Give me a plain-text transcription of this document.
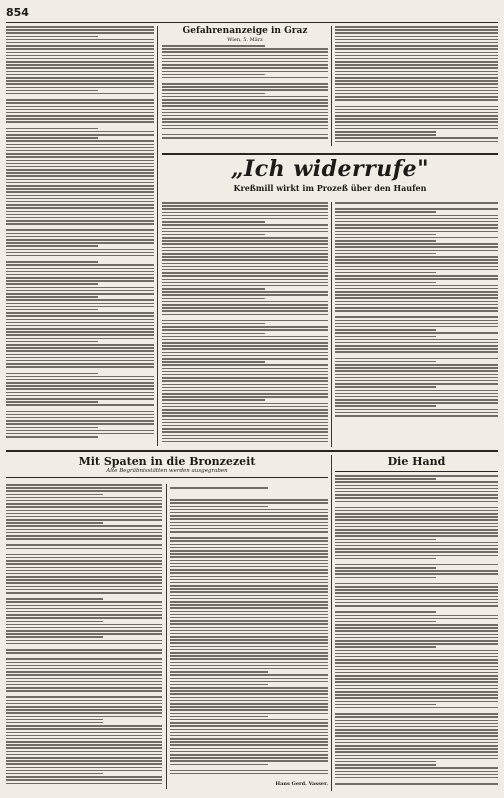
854
Gefahrenanzeige in Graz
Wien, 5. März
„Ich widerrufe"
Kreßmill wirkt im Prozeß über den Haufen
Mit Spaten in die Bronzezeit
Alte Begräbnisstätten werden ausgegraben
Hans Gerd. Vasser.
Die Hand
